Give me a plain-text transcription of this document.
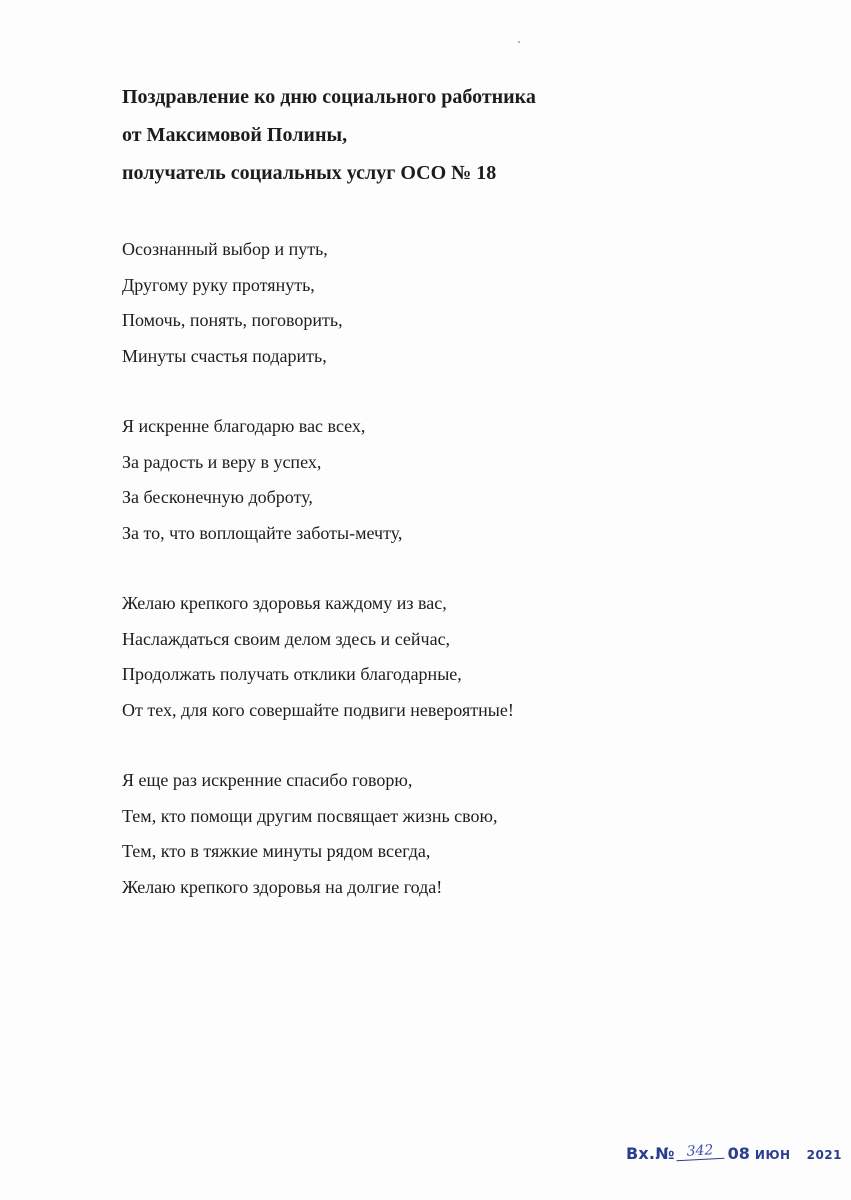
Поздравление ко дню социального работника
от Максимовой Полины,
получатель социальных услуг ОСО № 18
Осознанный выбор и путь,
Другому руку протянуть,
Помочь, понять, поговорить,
Минуты счастья подарить,
Я искренне благодарю вас всех,
За радость и веру в успех,
За бесконечную доброту,
За то, что воплощайте заботы-мечту,
Желаю крепкого здоровья каждому из вас,
Наслаждаться своим делом здесь и сейчас,
Продолжать получать отклики благодарные,
От тех, для кого совершайте подвиги невероятные!
Я еще раз искренние спасибо говорю,
Тем, кто помощи другим посвящает жизнь свою,
Тем, кто в тяжкие минуты рядом всегда,
Желаю крепкого здоровья на долгие года!
Вх.№ 342 08 ИЮН 2021
